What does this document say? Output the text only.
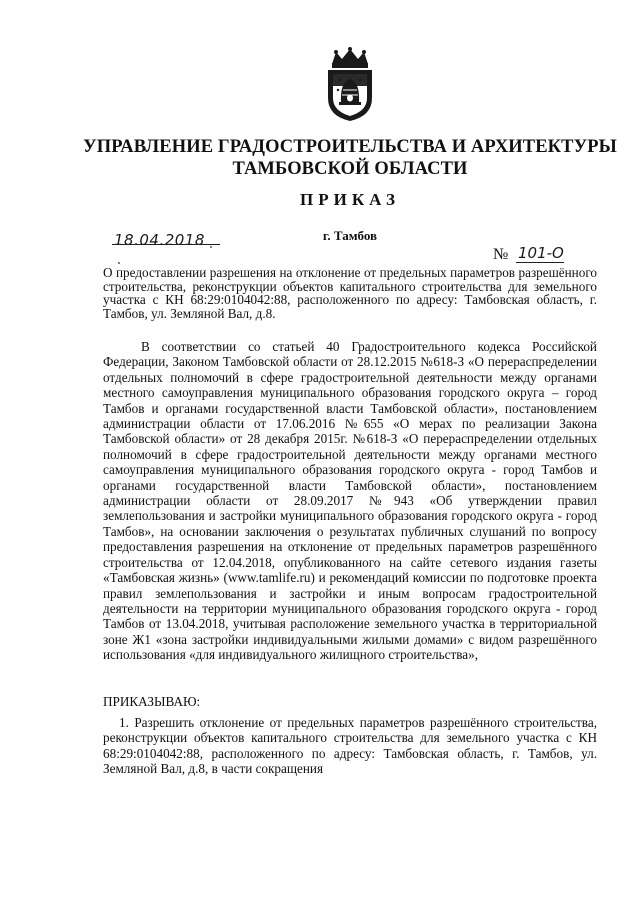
УПРАВЛЕНИЕ ГРАДОСТРОИТЕЛЬСТВА И АРХИТЕКТУРЫ
ТАМБОВСКОЙ ОБЛАСТИ
ПРИКАЗ
г. Тамбов
18.04.2018
№ 101-О
О предоставлении разрешения на отклонение от предельных параметров разрешённого строительства, реконструкции объектов капитального строительства для земельного участка с КН 68:29:0104042:88, расположенного по адресу: Тамбовская область, г. Тамбов, ул. Земляной Вал, д.8.

В соответствии со статьей 40 Градостроительного кодекса Российской Федерации, Законом Тамбовской области от 28.12.2015 №618-З «О перераспределении отдельных полномочий в сфере градостроительной деятельности между органами местного самоуправления муниципального образования городского округа – город Тамбов и органами государственной власти Тамбовской области», постановлением администрации области от 17.06.2016 №655 «О мерах по реализации Закона Тамбовской области» от 28 декабря 2015г. №618-З «О перераспределении отдельных полномочий в сфере градостроительной деятельности между органами местного самоуправления муниципального образования городского округа - город Тамбов и органами государственной власти Тамбовской области», постановлением администрации области от 28.09.2017 №943 «Об утверждении правил землепользования и застройки муниципального образования городского округа - город Тамбов», на основании заключения о результатах публичных слушаний по вопросу предоставления разрешения на отклонение от предельных параметров разрешённого строительства от 12.04.2018, опубликованного на сайте сетевого издания газеты «Тамбовская жизнь» (www.tamlife.ru) и рекомендаций комиссии по подготовке проекта правил землепользования и застройки и иным вопросам градостроительной деятельности на территории муниципального образования городского округа - город Тамбов от 13.04.2018, учитывая расположение земельного участка в территориальной зоне Ж1 «зона застройки индивидуальными жилыми домами» с видом разрешённого использования «для индивидуального жилищного строительства»,

ПРИКАЗЫВАЮ:

1. Разрешить отклонение от предельных параметров разрешённого строительства, реконструкции объектов капитального строительства для земельного участка с КН 68:29:0104042:88, расположенного по адресу: Тамбовская область, г. Тамбов, ул. Земляной Вал, д.8, в части сокращения
